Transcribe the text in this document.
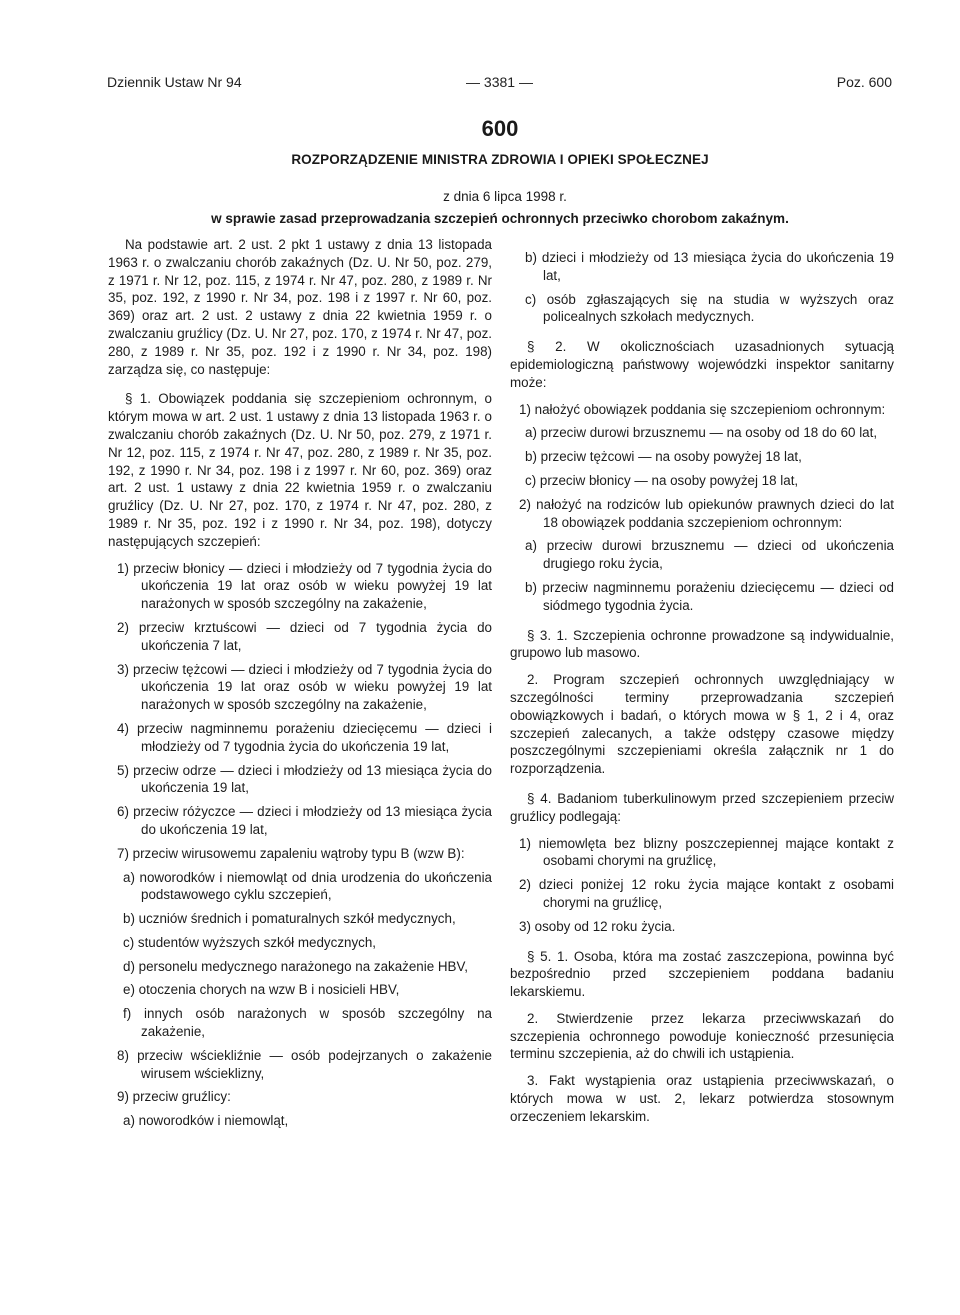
Dziennik Ustaw Nr 94	— 3381 —	Poz. 600
600
ROZPORZĄDZENIE MINISTRA ZDROWIA I OPIEKI SPOŁECZNEJ
z dnia 6 lipca 1998 r.
w sprawie zasad przeprowadzania szczepień ochronnych przeciwko chorobom zakaźnym.

Na podstawie art. 2 ust. 2 pkt 1 ustawy z dnia 13 listopada 1963 r. o zwalczaniu chorób zakaźnych (Dz. U. Nr 50, poz. 279, z 1971 r. Nr 12, poz. 115, z 1974 r. Nr 47, poz. 280, z 1989 r. Nr 35, poz. 192, z 1990 r. Nr 34, poz. 198 i z 1997 r. Nr 60, poz. 369) oraz art. 2 ust. 2 ustawy z dnia 22 kwietnia 1959 r. o zwalczaniu gruźlicy (Dz. U. Nr 27, poz. 170, z 1974 r. Nr 47, poz. 280, z 1989 r. Nr 35, poz. 192 i z 1990 r. Nr 34, poz. 198) zarządza się, co następuje:

§ 1. Obowiązek poddania się szczepieniom ochronnym, o którym mowa w art. 2 ust. 1 ustawy z dnia 13 listopada 1963 r. o zwalczaniu chorób zakaźnych (Dz. U. Nr 50, poz. 279, z 1971 r. Nr 12, poz. 115, z 1974 r. Nr 47, poz. 280, z 1989 r. Nr 35, poz. 192, z 1990 r. Nr 34, poz. 198 i z 1997 r. Nr 60, poz. 369) oraz art. 2 ust. 1 ustawy z dnia 22 kwietnia 1959 r. o zwalczaniu gruźlicy (Dz. U. Nr 27, poz. 170, z 1974 r. Nr 47, poz. 280, z 1989 r. Nr 35, poz. 192 i z 1990 r. Nr 34, poz. 198), dotyczy następujących szczepień:

1) przeciw błonicy — dzieci i młodzieży od 7 tygodnia życia do ukończenia 19 lat oraz osób w wieku powyżej 19 lat narażonych w sposób szczególny na zakażenie,

2) przeciw krztuścowi — dzieci od 7 tygodnia życia do ukończenia 7 lat,

3) przeciw tężcowi — dzieci i młodzieży od 7 tygodnia życia do ukończenia 19 lat oraz osób w wieku powyżej 19 lat narażonych w sposób szczególny na zakażenie,

4) przeciw nagminnemu porażeniu dziecięcemu — dzieci i młodzieży od 7 tygodnia życia do ukończenia 19 lat,

5) przeciw odrze — dzieci i młodzieży od 13 miesiąca życia do ukończenia 19 lat,

6) przeciw różyczce — dzieci i młodzieży od 13 miesiąca życia do ukończenia 19 lat,

7) przeciw wirusowemu zapaleniu wątroby typu B (wzw B):

a) noworodków i niemowląt od dnia urodzenia do ukończenia podstawowego cyklu szczepień,

b) uczniów średnich i pomaturalnych szkół medycznych,

c) studentów wyższych szkół medycznych,

d) personelu medycznego narażonego na zakażenie HBV,

e) otoczenia chorych na wzw B i nosicieli HBV,

f) innych osób narażonych w sposób szczególny na zakażenie,

8) przeciw wściekliźnie — osób podejrzanych o zakażenie wirusem wścieklizny,

9) przeciw gruźlicy:

a) noworodków i niemowląt,

b) dzieci i młodzieży od 13 miesiąca życia do ukończenia 19 lat,

c) osób zgłaszających się na studia w wyższych oraz policealnych szkołach medycznych.

§ 2. W okolicznościach uzasadnionych sytuacją epidemiologiczną państwowy wojewódzki inspektor sanitarny może:

1) nałożyć obowiązek poddania się szczepieniom ochronnym:

a) przeciw durowi brzusznemu — na osoby od 18 do 60 lat,

b) przeciw tężcowi — na osoby powyżej 18 lat,

c) przeciw błonicy — na osoby powyżej 18 lat,

2) nałożyć na rodziców lub opiekunów prawnych dzieci do lat 18 obowiązek poddania szczepieniom ochronnym:

a) przeciw durowi brzusznemu — dzieci od ukończenia drugiego roku życia,

b) przeciw nagminnemu porażeniu dziecięcemu — dzieci od siódmego tygodnia życia.

§ 3. 1. Szczepienia ochronne prowadzone są indywidualnie, grupowo lub masowo.

2. Program szczepień ochronnych uwzględniający w szczególności terminy przeprowadzania szczepień obowiązkowych i badań, o których mowa w § 1, 2 i 4, oraz szczepień zalecanych, a także odstępy czasowe między poszczególnymi szczepieniami określa załącznik nr 1 do rozporządzenia.

§ 4. Badaniom tuberkulinowym przed szczepieniem przeciw gruźlicy podlegają:

1) niemowlęta bez blizny poszczepiennej mające kontakt z osobami chorymi na gruźlicę,

2) dzieci poniżej 12 roku życia mające kontakt z osobami chorymi na gruźlicę,

3) osoby od 12 roku życia.

§ 5. 1. Osoba, która ma zostać zaszczepiona, powinna być bezpośrednio przed szczepieniem poddana badaniu lekarskiemu.

2. Stwierdzenie przez lekarza przeciwwskazań do szczepienia ochronnego powoduje konieczność przesunięcia terminu szczepienia, aż do chwili ich ustąpienia.

3. Fakt wystąpienia oraz ustąpienia przeciwwskazań, o których mowa w ust. 2, lekarz potwierdza stosownym orzeczeniem lekarskim.
